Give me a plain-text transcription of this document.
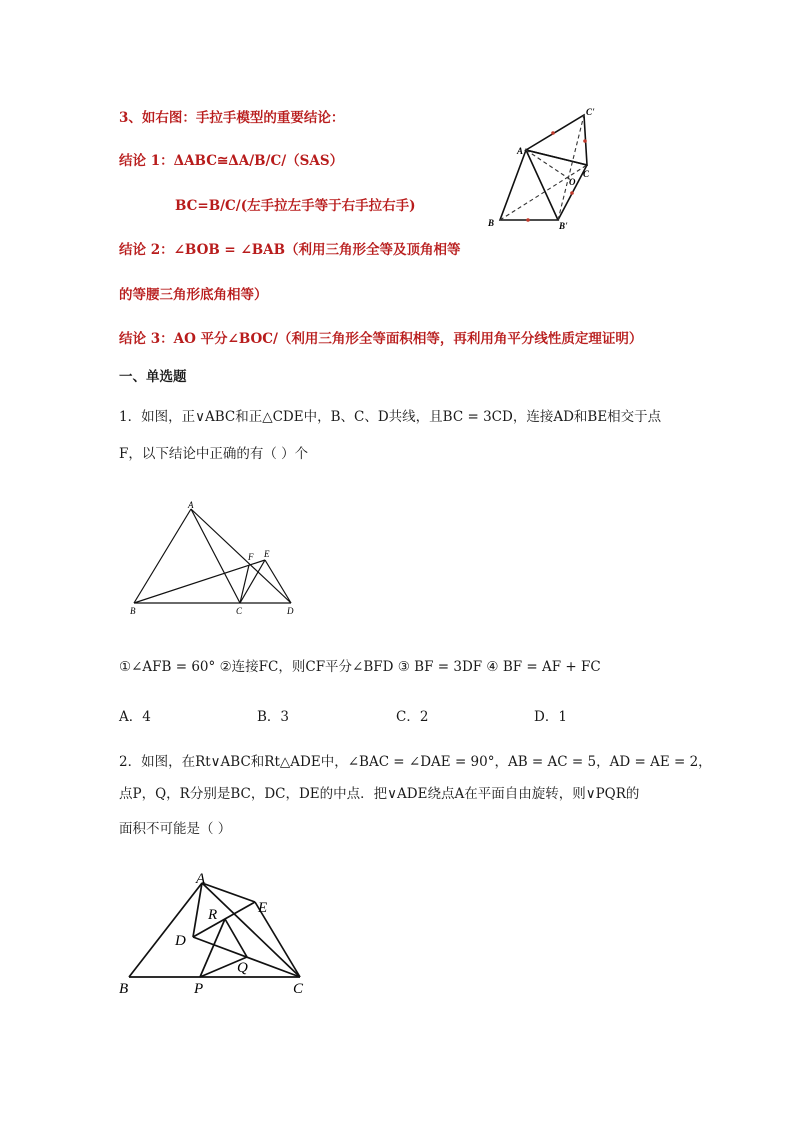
3、如右图：手拉手模型的重要结论：
结论 1：ΔABC≅ΔA/B/C/（SAS）
BC=B/C/(左手拉左手等于右手拉右手)
结论 2：∠BOB = ∠BAB（利用三角形全等及顶角相等
的等腰三角形底角相等）
结论 3：AO 平分∠BOC/（利用三角形全等面积相等，再利用角平分线性质定理证明）
A
B	B'
C
C'
O
一、单选题
1．如图，正∨ABC和正△CDE中，B、C、D共线，且BC = 3CD，连接AD和BE相交于点
F，以下结论中正确的有（ ）个
A
B	C	D
E
F
①∠AFB = 60° ②连接FC，则CF平分∠BFD ③ BF = 3DF ④ BF = AF + FC
A．4	B．3	C．2	D．1
2．如图，在Rt∨ABC和Rt△ADE中，∠BAC = ∠DAE = 90°，AB = AC = 5，AD = AE = 2，
点P，Q，R分别是BC，DC，DE的中点．把∨ADE绕点A在平面自由旋转，则∨PQR的
面积不可能是（ ）
A
B	C
D
E
P
Q
R
